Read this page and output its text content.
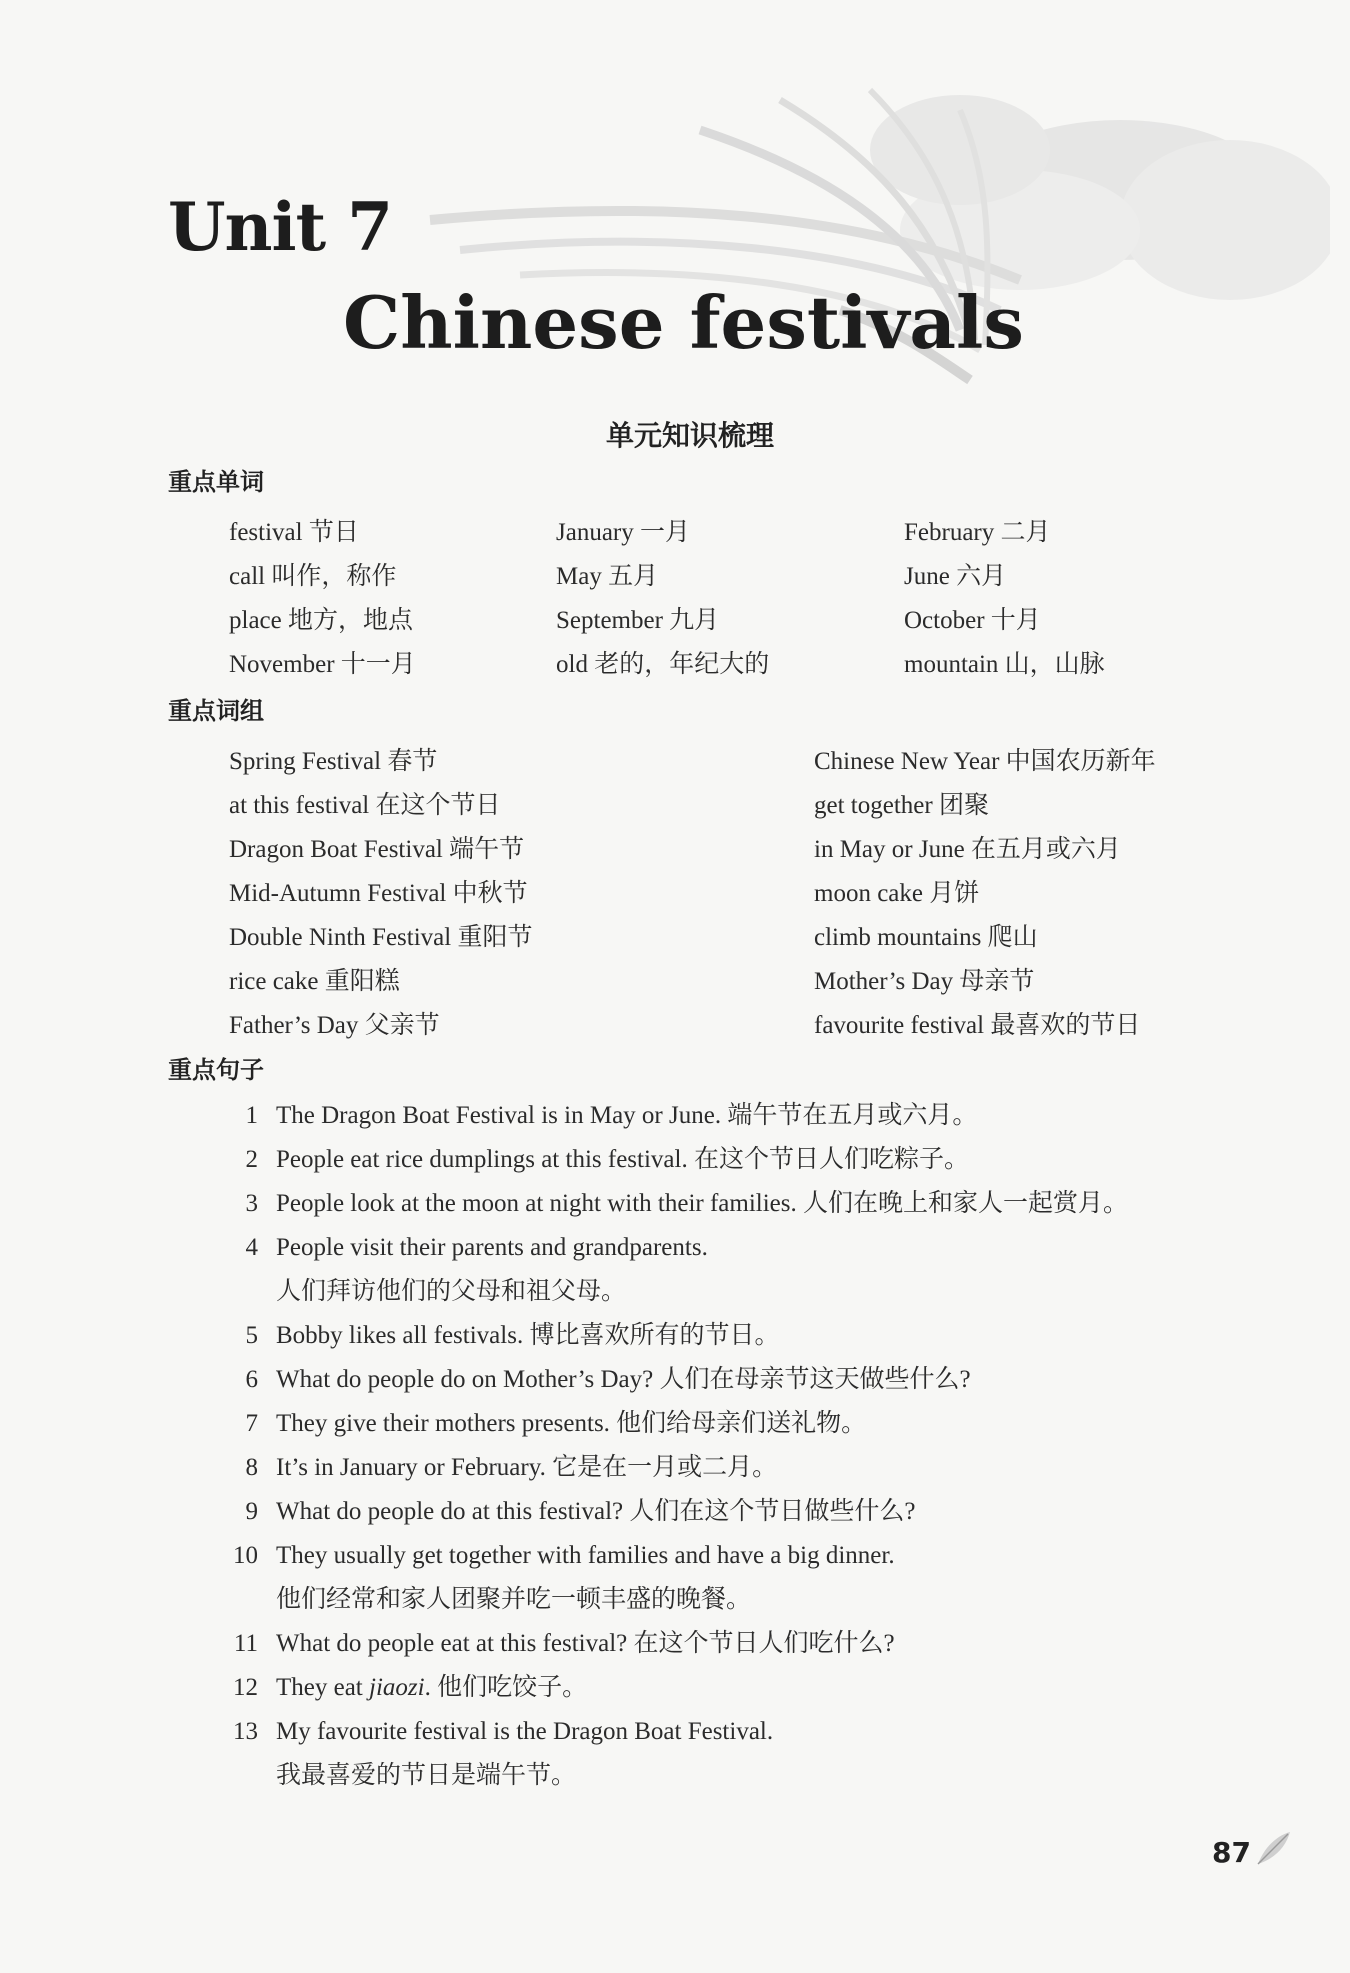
Unit 7
Chinese festivals
单元知识梳理
重点单词
festival 节日	January 一月	February 二月
call 叫作，称作	May 五月	June 六月
place 地方，地点	September 九月	October 十月
November 十一月	old 老的，年纪大的	mountain 山，山脉
重点词组
Spring Festival 春节	Chinese New Year 中国农历新年
at this festival 在这个节日	get together 团聚
Dragon Boat Festival 端午节	in May or June 在五月或六月
Mid-Autumn Festival 中秋节	moon cake 月饼
Double Ninth Festival 重阳节	climb mountains 爬山
rice cake 重阳糕	Mother’s Day 母亲节
Father’s Day 父亲节	favourite festival 最喜欢的节日
重点句子
1 The Dragon Boat Festival is in May or June. 端午节在五月或六月。
2 People eat rice dumplings at this festival. 在这个节日人们吃粽子。
3 People look at the moon at night with their families. 人们在晚上和家人一起赏月。
4 People visit their parents and grandparents.
人们拜访他们的父母和祖父母。
5 Bobby likes all festivals. 博比喜欢所有的节日。
6 What do people do on Mother’s Day? 人们在母亲节这天做些什么?
7 They give their mothers presents. 他们给母亲们送礼物。
8 It’s in January or February. 它是在一月或二月。
9 What do people do at this festival? 人们在这个节日做些什么?
10 They usually get together with families and have a big dinner.
他们经常和家人团聚并吃一顿丰盛的晚餐。
11 What do people eat at this festival? 在这个节日人们吃什么?
12 They eat jiaozi. 他们吃饺子。
13 My favourite festival is the Dragon Boat Festival.
我最喜爱的节日是端午节。
87
